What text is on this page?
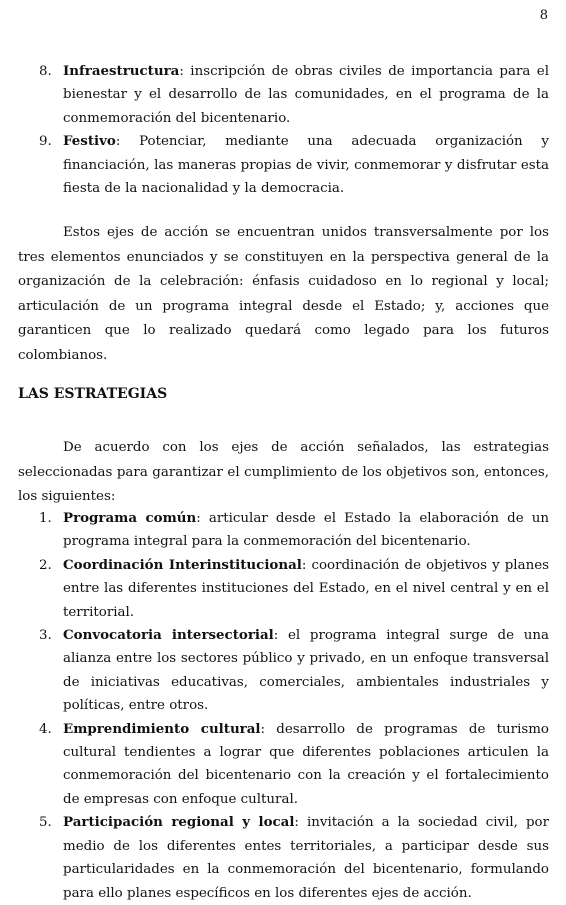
8

8. Infraestructura: inscripción de obras civiles de importancia para el bienestar y el desarrollo de las comunidades, en el programa de la conmemoración del bicentenario.

9. Festivo: Potenciar, mediante una adecuada organización y financiación, las maneras propias de vivir, conmemorar y disfrutar esta fiesta de la nacionalidad y la democracia.

Estos ejes de acción se encuentran unidos transversalmente por los tres elementos enunciados y se constituyen en la perspectiva general de la organización de la celebración: énfasis cuidadoso en lo regional y local; articulación de un programa integral desde el Estado; y, acciones que garanticen que lo realizado quedará como legado para los futuros colombianos.

LAS ESTRATEGIAS

De acuerdo con los ejes de acción señalados, las estrategias seleccionadas para garantizar el cumplimiento de los objetivos son, entonces, los siguientes:

1. Programa común: articular desde el Estado la elaboración de un programa integral para la conmemoración del bicentenario.

2. Coordinación Interinstitucional: coordinación de objetivos y planes entre las diferentes instituciones del Estado, en el nivel central y en el territorial.

3. Convocatoria intersectorial: el programa integral surge de una alianza entre los sectores público y privado, en un enfoque transversal de iniciativas educativas, comerciales, ambientales industriales y políticas, entre otros.

4. Emprendimiento cultural: desarrollo de programas de turismo cultural tendientes a lograr que diferentes poblaciones articulen la conmemoración del bicentenario con la creación y el fortalecimiento de empresas con enfoque cultural.

5. Participación regional y local: invitación a la sociedad civil, por medio de los diferentes entes territoriales, a participar desde sus particularidades en la conmemoración del bicentenario, formulando para ello planes específicos en los diferentes ejes de acción.
